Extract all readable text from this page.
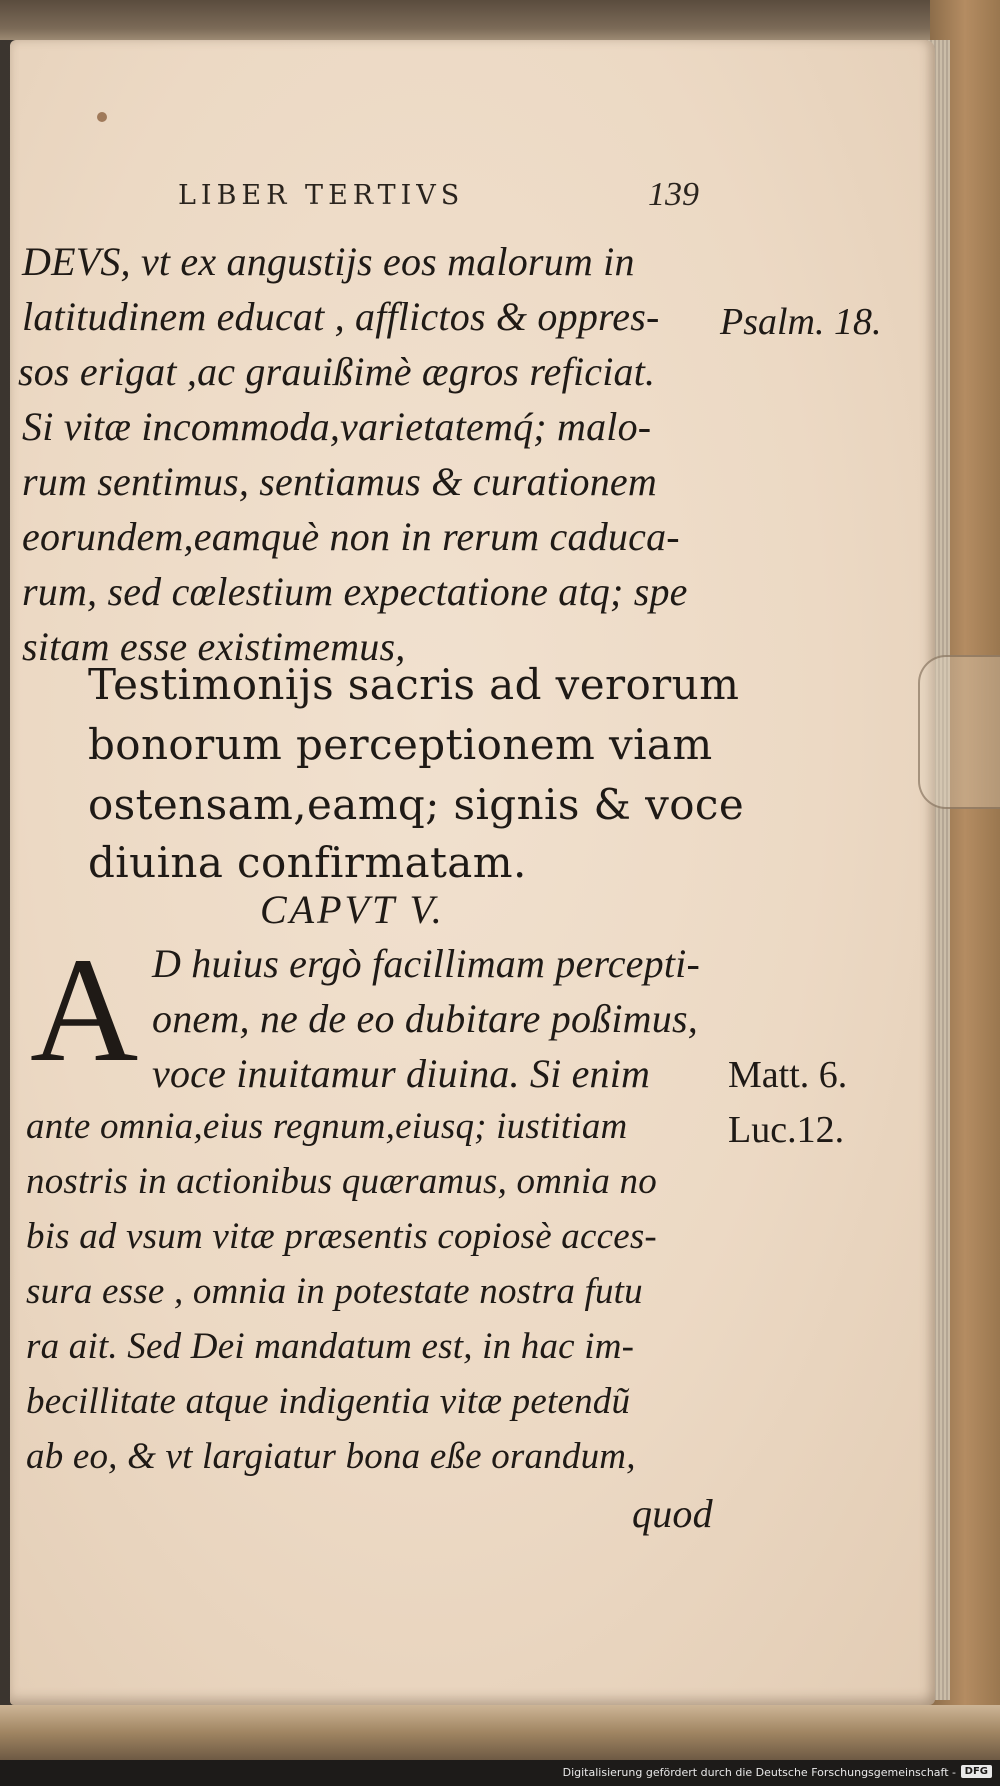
LIBER TERTIVS	139
DEVS, vt ex angustijs eos malorum in
latitudinem educat , afflictos & oppres-
sos erigat ,ac grauißimè ægros reficiat.
Si vitæ incommoda,varietatemq́; malo-
rum sentimus, sentiamus & curationem
eorundem,eamquè non in rerum caduca-
rum, sed cœlestium expectatione atq; spe
sitam esse existimemus,
Testimonijs sacris ad verorum
bonorum perceptionem viam
ostensam,eamq; signis & voce
diuina confirmatam.
CAPVT V.
A D huius ergò facillimam percepti-
onem, ne de eo dubitare poßimus,
voce inuitamur diuina. Si enim
ante omnia,eius regnum,eiusq; iustitiam
nostris in actionibus quæramus, omnia no
bis ad vsum vitæ præsentis copiosè acces-
sura esse , omnia in potestate nostra futu
ra ait. Sed Dei mandatum est, in hac im-
becillitate atque indigentia vitæ petendũ
ab eo, & vt largiatur bona eße orandum,
quod
Psalm. 18.
Matt. 6.
Luc.12.
Digitalisierung gefördert durch die Deutsche Forschungsgemeinschaft - DFG
